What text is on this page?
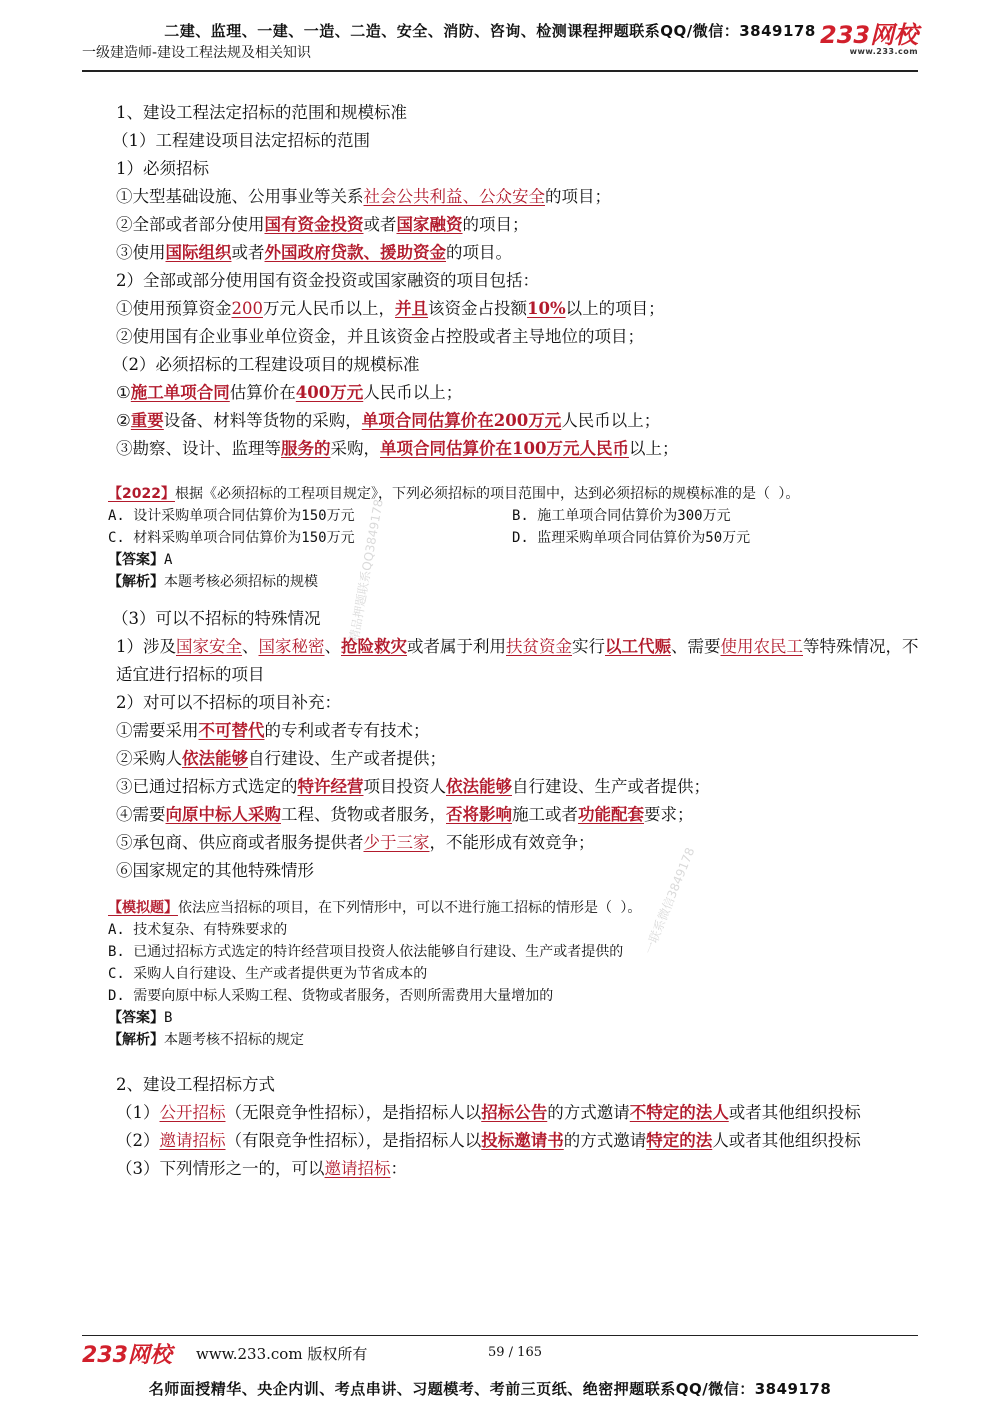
二建、监理、一建、一造、二造、安全、消防、咨询、检测课程押题联系QQ/微信：3849178
一级建造师-建设工程法规及相关知识
233网校
www.233.com
精品押题联系QQ3849178
一联系微信3849178
1、建设工程法定招标的范围和规模标准
（1）工程建设项目法定招标的范围
1）必须招标
①大型基础设施、公用事业等关系社会公共利益、公众安全的项目；
②全部或者部分使用国有资金投资或者国家融资的项目；
③使用国际组织或者外国政府贷款、援助资金的项目。
2）全部或部分使用国有资金投资或国家融资的项目包括：
①使用预算资金200万元人民币以上，并且该资金占投额10%以上的项目；
②使用国有企业事业单位资金，并且该资金占控股或者主导地位的项目；
（2）必须招标的工程建设项目的规模标准
①施工单项合同估算价在400万元人民币以上；
②重要设备、材料等货物的采购，单项合同估算价在200万元人民币以上；
③勘察、设计、监理等服务的采购，单项合同估算价在100万元人民币以上；
【2022】根据《必须招标的工程项目规定》，下列必须招标的项目范围中，达到必须招标的规模标准的是（ ）。
A. 设计采购单项合同估算价为150万元	B. 施工单项合同估算价为300万元
C. 材料采购单项合同估算价为150万元	D. 监理采购单项合同估算价为50万元
【答案】A
【解析】本题考核必须招标的规模
（3）可以不招标的特殊情况
1）涉及国家安全、国家秘密、抢险救灾或者属于利用扶贫资金实行以工代赈、需要使用农民工等特殊情况，不适宜进行招标的项目
2）对可以不招标的项目补充：
①需要采用不可替代的专利或者专有技术；
②采购人依法能够自行建设、生产或者提供；
③已通过招标方式选定的特许经营项目投资人依法能够自行建设、生产或者提供；
④需要向原中标人采购工程、货物或者服务，否将影响施工或者功能配套要求；
⑤承包商、供应商或者服务提供者少于三家，不能形成有效竞争；
⑥国家规定的其他特殊情形
【模拟题】依法应当招标的项目，在下列情形中，可以不进行施工招标的情形是（ ）。
A. 技术复杂、有特殊要求的
B. 已通过招标方式选定的特许经营项目投资人依法能够自行建设、生产或者提供的
C. 采购人自行建设、生产或者提供更为节省成本的
D. 需要向原中标人采购工程、货物或者服务，否则所需费用大量增加的
【答案】B
【解析】本题考核不招标的规定
2、建设工程招标方式
（1）公开招标（无限竞争性招标），是指招标人以招标公告的方式邀请不特定的法人或者其他组织投标
（2）邀请招标（有限竞争性招标），是指招标人以投标邀请书的方式邀请特定的法人或者其他组织投标
（3）下列情形之一的，可以邀请招标：
233网校 www.233.com 版权所有	59 / 165
名师面授精华、央企内训、考点串讲、习题模考、考前三页纸、绝密押题联系QQ/微信：3849178
